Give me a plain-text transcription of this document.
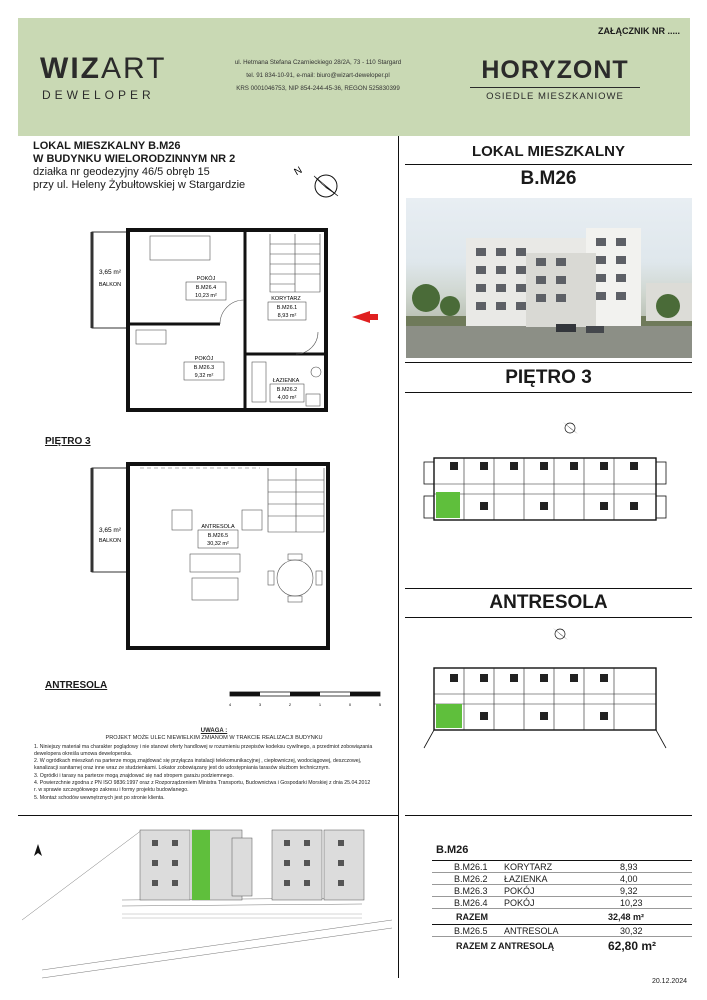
ZAŁĄCZNIK NR .....
WIZART
DEWELOPER
ul. Hetmana Stefana Czarnieckiego 28/2A, 73 - 110 Stargard
tel. 91 834-10-91, e-mail: biuro@wizart-deweloper.pl
KRS 0001046753, NIP 854-244-45-36, REGON 525830399
HORYZONT
OSIEDLE MIESZKANIOWE
LOKAL MIESZKALNY B.M26
W BUDYNKU WIELORODZINNYM NR 2
działka nr geodezyjny 46/5 obręb 15
przy ul. Heleny Żybułtowskiej w Stargardzie
N
LOKAL MIESZKALNY
B.M26
PIĘTRO 3
ANTRESOLA
3,65 m²
BALKON
POKÓJ
B.M26.4
10,23 m²	KORYTARZ
B.M26.1
8,93 m²
POKÓJ
B.M26.3
9,32 m²
ŁAZIENKA
B.M26.2
4,00 m²
PIĘTRO 3
3,65 m²
BALKON
ANTRESOLA
B.M26.5
30,32 m²
ANTRESOLA
4	3	2	1	0	5
UWAGA :
PROJEKT MOŻE ULEC NIEWIELKIM ZMIANOM W TRAKCIE REALIZACJI BUDYNKU

1. Niniejszy materiał ma charakter poglądowy i nie stanowi oferty handlowej w rozumieniu przepisów kodeksu cywilnego, a przedmiot zobowiązania

dewelopera określa umowa deweloperska.

2. W ogródkach mieszkań na parterze mogą znajdować się przyłącza instalacji telekomunikacyjnej , ciepłowniczej, wodociągowej, deszczowej,

kanalizacji sanitarnej oraz inne wraz ze studzienkami. Lokator zobowiązany jest do udostępniania tarasów służbom technicznym.

3. Ogródki i tarasy na parterze mogą znajdować się nad stropem garażu podziemnego.

4. Powierzchnie zgodna z PN ISO 9836:1997 oraz z Rozporządzeniem Ministra Transportu, Budownictwa i Gospodarki Morskiej z dnia 25.04.2012

r. w sprawie szczegółowego zakresu i formy projektu budowlanego.

5. Montaż schodów wewnętrznych jest po stronie klienta.

B.M26
B.M26.1	KORYTARZ	8,93
B.M26.2	ŁAZIENKA	4,00
B.M26.3	POKÓJ	9,32
B.M26.4	POKÓJ	10,23
RAZEM	32,48 m²
B.M26.5	ANTRESOLA	30,32
RAZEM Z ANTRESOLĄ	62,80 m²
20.12.2024
